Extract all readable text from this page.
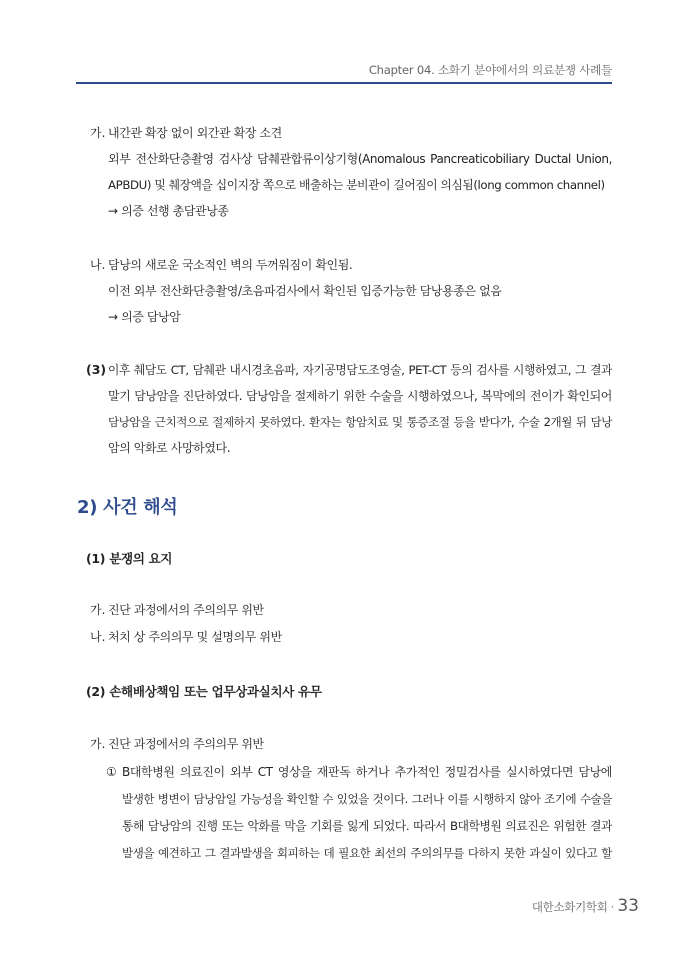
Chapter 04. 소화기 분야에서의 의료분쟁 사례들
가. 내간관 확장 없이 외간관 확장 소견
외부 전산화단층촬영 검사상 담췌관합류이상기형(Anomalous Pancreaticobiliary Ductal Union,
APBDU) 및 췌장액을 십이지장 쪽으로 배출하는 분비관이 길어짐이 의심됨(long common channel)
→ 의증 선행 총담관낭종
나. 담낭의 새로운 국소적인 벽의 두꺼워짐이 확인됨.
이전 외부 전산화단층촬영/초음파검사에서 확인된 입증가능한 담낭용종은 없음
→ 의증 담낭암
(3) 이후 췌담도 CT, 담췌관 내시경초음파, 자기공명담도조영술, PET-CT 등의 검사를 시행하였고, 그 결과
말기 담낭암을 진단하였다. 담낭암을 절제하기 위한 수술을 시행하였으나, 복막에의 전이가 확인되어
담낭암을 근치적으로 절제하지 못하였다. 환자는 항암치료 및 통증조절 등을 받다가, 수술 2개월 뒤 담낭
암의 악화로 사망하였다.
2) 사건 해석
(1) 분쟁의 요지
가. 진단 과정에서의 주의의무 위반
나. 처치 상 주의의무 및 설명의무 위반
(2) 손해배상책임 또는 업무상과실치사 유무
가. 진단 과정에서의 주의의무 위반
① B대학병원 의료진이 외부 CT 영상을 재판독 하거나 추가적인 정밀검사를 실시하였다면 담낭에
발생한 병변이 담낭암일 가능성을 확인할 수 있었을 것이다. 그러나 이를 시행하지 않아 조기에 수술을
통해 담낭암의 진행 또는 악화를 막을 기회를 잃게 되었다. 따라서 B대학병원 의료진은 위험한 결과
발생을 예견하고 그 결과발생을 회피하는 데 필요한 최선의 주의의무를 다하지 못한 과실이 있다고 할
대한소화기학회 · 33
